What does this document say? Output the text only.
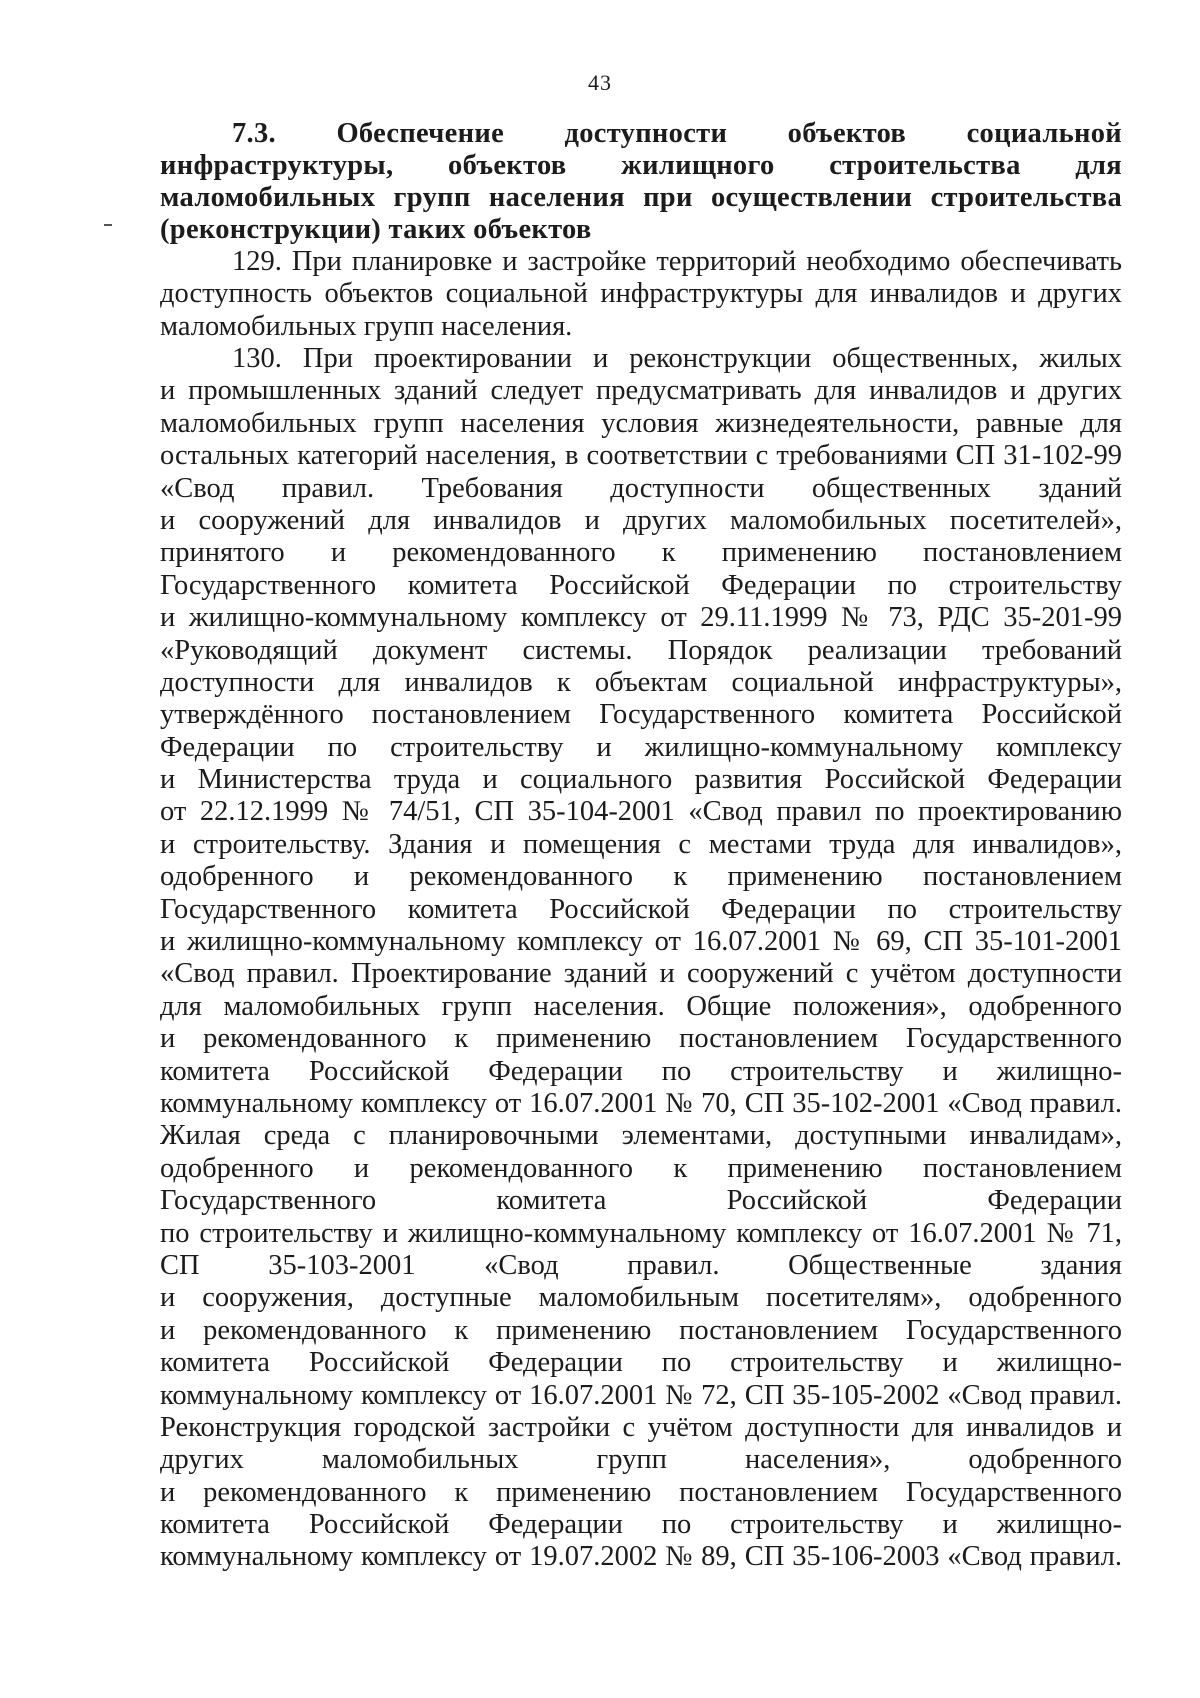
43
7.3. Обеспечение доступности объектов социальной
инфраструктуры, объектов жилищного строительства для
маломобильных групп населения при осуществлении строительства
(реконструкции) таких объектов
129. При планировке и застройке территорий необходимо обеспечивать
доступность объектов социальной инфраструктуры для инвалидов и других
маломобильных групп населения.
130. При проектировании и реконструкции общественных, жилых
и промышленных зданий следует предусматривать для инвалидов и других
маломобильных групп населения условия жизнедеятельности, равные для
остальных категорий населения, в соответствии с требованиями СП 31-102-99
«Свод правил. Требования доступности общественных зданий
и сооружений для инвалидов и других маломобильных посетителей»,
принятого и рекомендованного к применению постановлением
Государственного комитета Российской Федерации по строительству
и жилищно-коммунальному комплексу от 29.11.1999 № 73, РДС 35-201-99
«Руководящий документ системы. Порядок реализации требований
доступности для инвалидов к объектам социальной инфраструктуры»,
утверждённого постановлением Государственного комитета Российской
Федерации по строительству и жилищно-коммунальному комплексу
и Министерства труда и социального развития Российской Федерации
от 22.12.1999 № 74/51, СП 35-104-2001 «Свод правил по проектированию
и строительству. Здания и помещения с местами труда для инвалидов»,
одобренного и рекомендованного к применению постановлением
Государственного комитета Российской Федерации по строительству
и жилищно-коммунальному комплексу от 16.07.2001 № 69, СП 35-101-2001
«Свод правил. Проектирование зданий и сооружений с учётом доступности
для маломобильных групп населения. Общие положения», одобренного
и рекомендованного к применению постановлением Государственного
комитета Российской Федерации по строительству и жилищно-
коммунальному комплексу от 16.07.2001 № 70, СП 35-102-2001 «Свод правил.
Жилая среда с планировочными элементами, доступными инвалидам»,
одобренного и рекомендованного к применению постановлением
Государственного комитета Российской Федерации
по строительству и жилищно-коммунальному комплексу от 16.07.2001 № 71,
СП 35-103-2001 «Свод правил. Общественные здания
и сооружения, доступные маломобильным посетителям», одобренного
и рекомендованного к применению постановлением Государственного
комитета Российской Федерации по строительству и жилищно-
коммунальному комплексу от 16.07.2001 № 72, СП 35-105-2002 «Свод правил.
Реконструкция городской застройки с учётом доступности для инвалидов и
других маломобильных групп населения», одобренного
и рекомендованного к применению постановлением Государственного
комитета Российской Федерации по строительству и жилищно-
коммунальному комплексу от 19.07.2002 № 89, СП 35-106-2003 «Свод правил.
